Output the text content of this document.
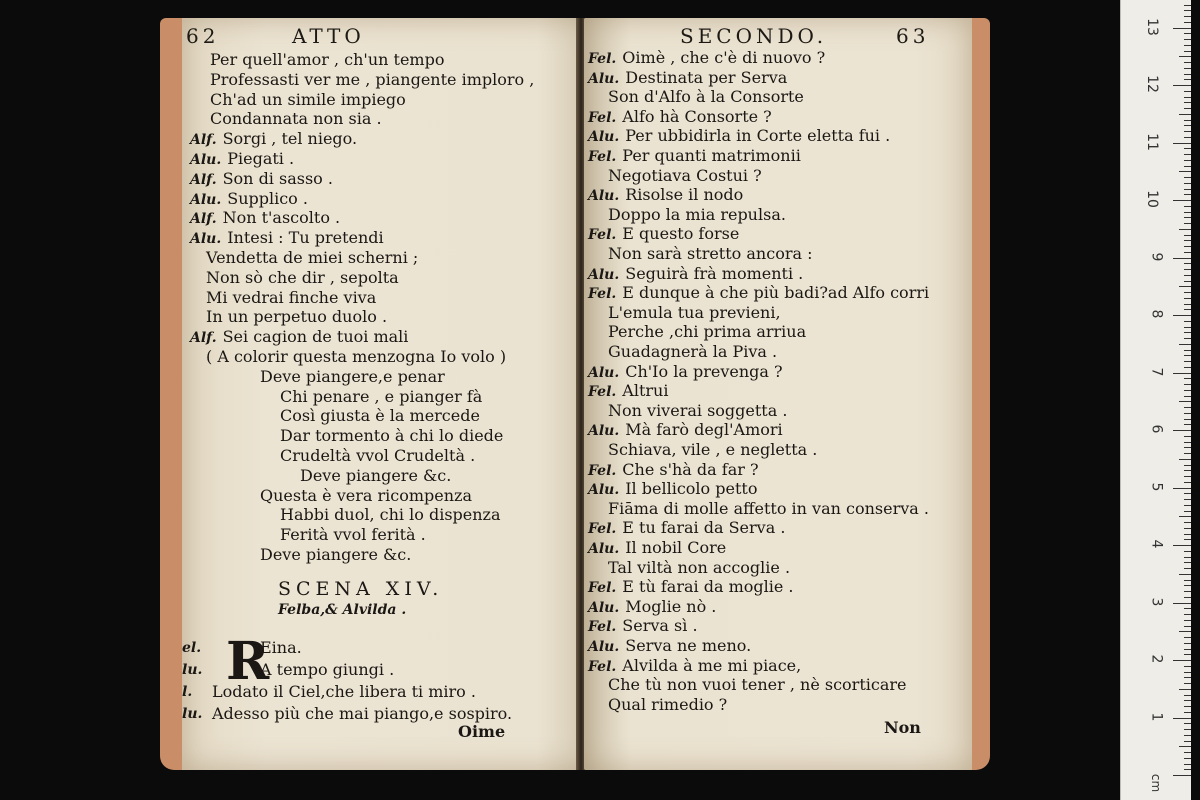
62	ATTO
Per quell'amor , ch'un tempo
Professasti ver me , piangente imploro ,
Ch'ad un simile impiego
Condannata non sia .
Alf. Sorgi , tel niego.
Alu. Piegati .
Alf. Son di sasso .
Alu. Supplico .
Alf. Non t'ascolto .
Alu. Intesi : Tu pretendi
Vendetta de miei scherni ;
Non sò che dir , sepolta
Mi vedrai finche viva
In un perpetuo duolo .
Alf. Sei cagion de tuoi mali
( A colorir questa menzogna Io volo )
Deve piangere,e penar
Chi penare , e pianger fà
Così giusta è la mercede
Dar tormento à chi lo diede
Crudeltà vvol Crudeltà .
Deve piangere &c.
Questa è vera ricompenza
Habbi duol, chi lo dispenza
Ferità vvol ferità .
Deve piangere &c.
SCENA XIV.
Felba,& Alvilda .
R
el.	Eina.
lu.	A tempo giungi .
l. Lodato il Ciel,che libera ti miro .
lu. Adesso più che mai piango,e sospiro.
Oime
SECONDO.	63
Fel. Oimè , che c'è di nuovo ?
Alu. Destinata per Serva
Son d'Alfo à la Consorte
Fel. Alfo hà Consorte ?
Alu. Per ubbidirla in Corte eletta fui .
Fel. Per quanti matrimonii
Negotiava Costui ?
Alu. Risolse il nodo
Doppo la mia repulsa.
Fel. E questo forse
Non sarà stretto ancora :
Alu. Seguirà frà momenti .
Fel. E dunque à che più badi?ad Alfo corri
L'emula tua previeni,
Perche ,chi prima arriua
Guadagnerà la Piva .
Alu. Ch'Io la prevenga ?
Fel. Altrui
Non viverai soggetta .
Alu. Mà farò degl'Amori
Schiava, vile , e negletta .
Fel. Che s'hà da far ?
Alu. Il bellicolo petto
Fiāma di molle affetto in van conserva .
Fel. E tu farai da Serva .
Alu. Il nobil Core
Tal viltà non accoglie .
Fel. E tù farai da moglie .
Alu. Moglie nò .
Fel. Serva sì .
Alu. Serva ne meno.
Fel. Alvilda à me mi piace,
Che tù non vuoi tener , nè scorticare
Qual rimedio ?
Non
1
2
3
4
5
6
7
8
9
10
11
12
13
cm
